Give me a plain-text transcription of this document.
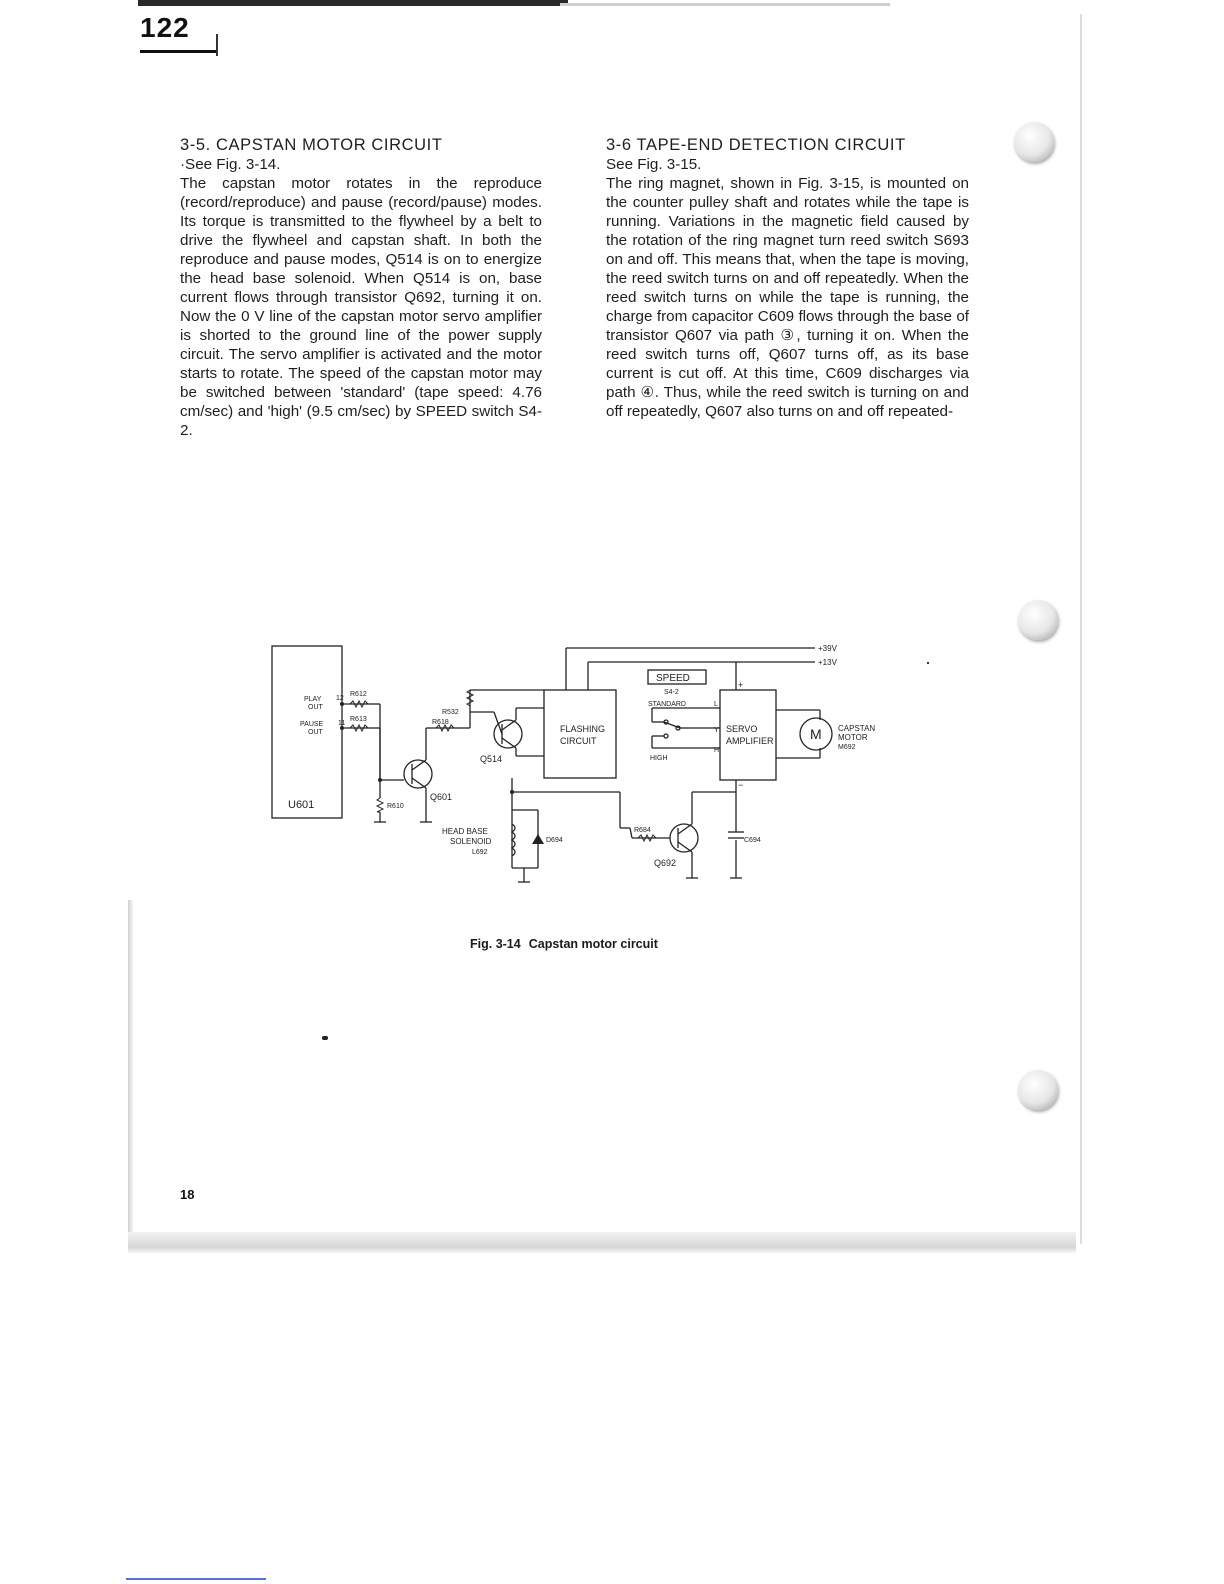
122
3-5. CAPSTAN MOTOR CIRCUIT
·See Fig. 3-14.

The capstan motor rotates in the reproduce (record/reproduce) and pause (record/pause) modes. Its torque is transmitted to the flywheel by a belt to drive the flywheel and capstan shaft. In both the reproduce and pause modes, Q514 is on to energize the head base solenoid. When Q514 is on, base current flows through transistor Q692, turning it on. Now the 0 V line of the capstan motor servo amplifier is shorted to the ground line of the power supply circuit. The servo amplifier is activated and the motor starts to rotate. The speed of the capstan motor may be switched between 'standard' (tape speed: 4.76 cm/sec) and 'high' (9.5 cm/sec) by SPEED switch S4-2.

3-6 TAPE-END DETECTION CIRCUIT
See Fig. 3-15.

The ring magnet, shown in Fig. 3-15, is mounted on the counter pulley shaft and rotates while the tape is running. Variations in the magnetic field caused by the rotation of the ring magnet turn reed switch S693 on and off. This means that, when the tape is moving, the reed switch turns on and off repeatedly. When the reed switch turns on while the tape is running, the charge from capacitor C609 flows through the base of transistor Q607 via path ③, turning it on. When the reed switch turns off, Q607 turns off, as its base current is cut off. At this time, C609 discharges via path ④. Thus, while the reed switch is turning on and off repeatedly, Q607 also turns on and off repeated-

+39V
+13V
PLAY
OUT
PAUSE
OUT
12
11
R612
R613
U601
R532
R618
Q514
Q601
R610
HEAD BASE
SOLENOID
L692
D694
FLASHING
CIRCUIT
SPEED
S4-2
STANDARD
HIGH
L
Y
H
SERVO
AMPLIFIER
+
−
M CAPSTAN
MOTOR
M692
R684
Q692
C694
Fig. 3-14 Capstan motor circuit
18
